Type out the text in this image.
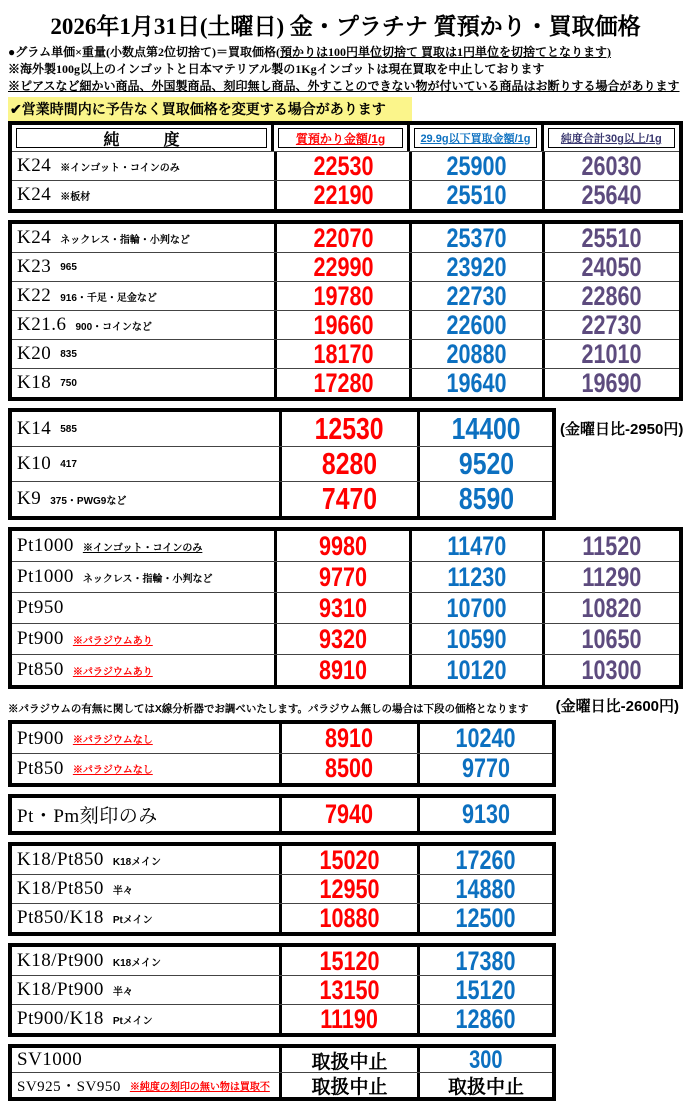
2026年1月31日(土曜日) 金・プラチナ 質預かり・買取価格
●グラム単価×重量(小数点第2位切捨て)＝買取価格(預かりは100円単位切捨て 買取は1円単位を切捨てとなります)
※海外製100g以上のインゴットと日本マテリアル製の1Kgインゴットは現在買取を中止しております
※ピアスなど細かい商品、外国製商品、刻印無し商品、外すことのできない物が付いている商品はお断りする場合があります
✔営業時間内に予告なく買取価格を変更する場合があります
純　度	質預かり金額/1g	29.9g以下買取金額/1g	純度合計30g以上/1g
K24 ※インゴット・コインのみ	22530	25900	26030
K24 ※板材	22190	25510	25640
K24 ネックレス・指輪・小判など	22070	25370	25510
K23 965	22990	23920	24050
K22 916・千足・足金など	19780	22730	22860
K21.6 900・コインなど	19660	22600	22730
K20 835	18170	20880	21010
K18 750	17280	19640	19690
K14 585	12530 14400
K10 417	8280	9520
K9 375・PWG9など	7470	8590
(金曜日比-2950円)
Pt1000 ※インゴット・コインのみ	9980	11470	11520
Pt1000 ネックレス・指輪・小判など	9770	11230	11290
Pt950	9310	10700	10820
Pt900 ※パラジウムあり	9320	10590	10650
Pt850 ※パラジウムあり	8910	10120	10300
※パラジウムの有無に関してはX線分析器でお調べいたします。パラジウム無しの場合は下段の価格となります (金曜日比-2600円)
Pt900 ※パラジウムなし	8910	10240
Pt850 ※パラジウムなし	8500	9770
Pt・Pm刻印のみ	7940	9130
K18/Pt850 K18メイン	15020	17260
K18/Pt850 半々	12950	14880
Pt850/K18 Ptメイン	10880	12500
K18/Pt900 K18メイン	15120	17380
K18/Pt900 半々	13150	15120
Pt900/K18 Ptメイン	11190	12860
SV1000	取扱中止	300
SV925・SV950 ※純度の刻印の無い物は買取不 取扱中止	取扱中止
